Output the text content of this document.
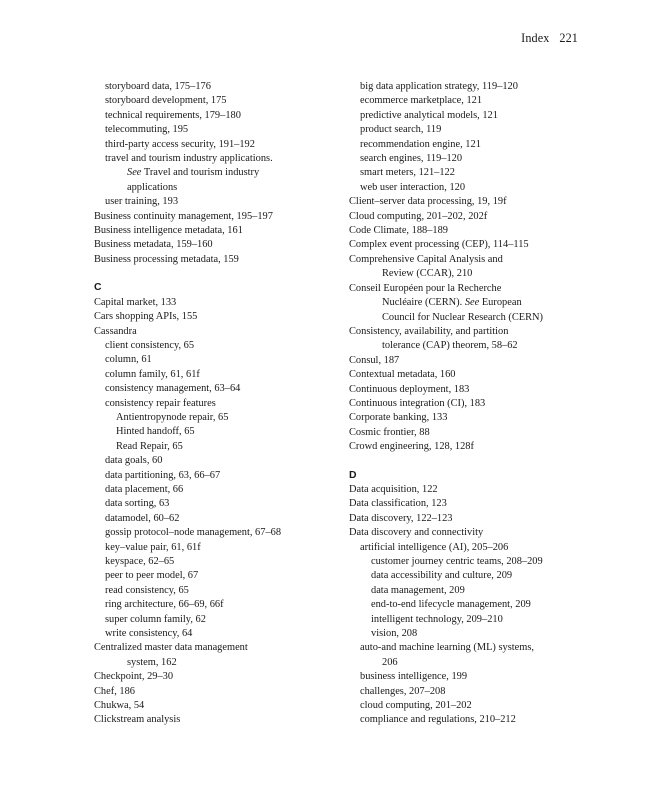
Index 221
storyboard data, 175–176
storyboard development, 175
technical requirements, 179–180
telecommuting, 195
third-party access security, 191–192
travel and tourism industry applications.
See Travel and tourism industry
applications
user training, 193
Business continuity management, 195–197
Business intelligence metadata, 161
Business metadata, 159–160
Business processing metadata, 159
C
Capital market, 133
Cars shopping APIs, 155
Cassandra
client consistency, 65
column, 61
column family, 61, 61f
consistency management, 63–64
consistency repair features
Antientropynode repair, 65
Hinted handoff, 65
Read Repair, 65
data goals, 60
data partitioning, 63, 66–67
data placement, 66
data sorting, 63
datamodel, 60–62
gossip protocol–node management, 67–68
key–value pair, 61, 61f
keyspace, 62–65
peer to peer model, 67
read consistency, 65
ring architecture, 66–69, 66f
super column family, 62
write consistency, 64
Centralized master data management
system, 162
Checkpoint, 29–30
Chef, 186
Chukwa, 54
Clickstream analysis
big data application strategy, 119–120
ecommerce marketplace, 121
predictive analytical models, 121
product search, 119
recommendation engine, 121
search engines, 119–120
smart meters, 121–122
web user interaction, 120
Client–server data processing, 19, 19f
Cloud computing, 201–202, 202f
Code Climate, 188–189
Complex event processing (CEP), 114–115
Comprehensive Capital Analysis and
Review (CCAR), 210
Conseil Européen pour la Recherche
Nucléaire (CERN). See European
Council for Nuclear Research (CERN)
Consistency, availability, and partition
tolerance (CAP) theorem, 58–62
Consul, 187
Contextual metadata, 160
Continuous deployment, 183
Continuous integration (CI), 183
Corporate banking, 133
Cosmic frontier, 88
Crowd engineering, 128, 128f
D
Data acquisition, 122
Data classification, 123
Data discovery, 122–123
Data discovery and connectivity
artificial intelligence (AI), 205–206
customer journey centric teams, 208–209
data accessibility and culture, 209
data management, 209
end-to-end lifecycle management, 209
intelligent technology, 209–210
vision, 208
auto-and machine learning (ML) systems,
206
business intelligence, 199
challenges, 207–208
cloud computing, 201–202
compliance and regulations, 210–212
